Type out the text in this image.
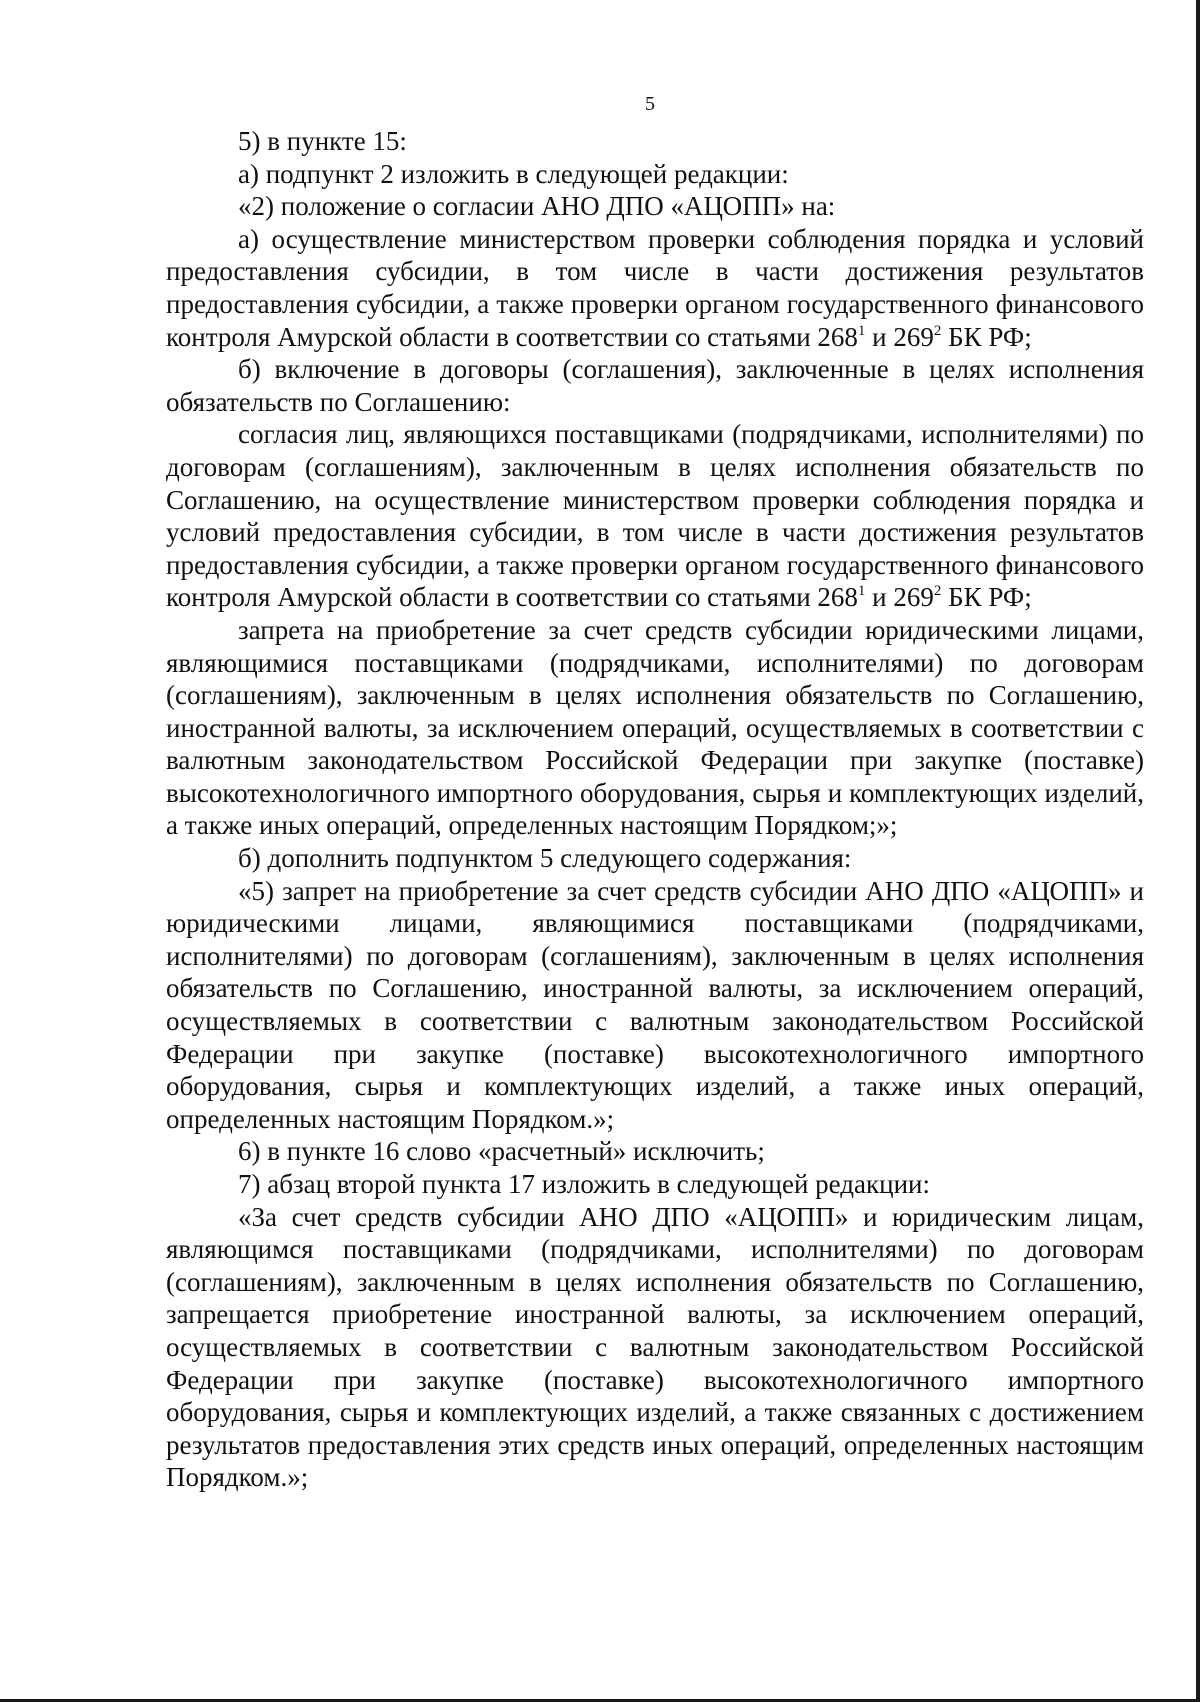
5

5) в пункте 15:

а) подпункт 2 изложить в следующей редакции:

«2) положение о согласии АНО ДПО «АЦОПП» на:

а) осуществление министерством проверки соблюдения порядка и условий предоставления субсидии, в том числе в части достижения результатов предоставления субсидии, а также проверки органом государственного финансового контроля Амурской области в соответствии со статьями $268^1$ и $269^2$ БК РФ;

б) включение в договоры (соглашения), заключенные в целях исполнения обязательств по Соглашению:

согласия лиц, являющихся поставщиками (подрядчиками, исполнителями) по договорам (соглашениям), заключенным в целях исполнения обязательств по Соглашению, на осуществление министерством проверки соблюдения порядка и условий предоставления субсидии, в том числе в части достижения результатов предоставления субсидии, а также проверки органом государственного финансового контроля Амурской области в соответствии со статьями $268^1$ и $269^2$ БК РФ;

запрета на приобретение за счет средств субсидии юридическими лицами, являющимися поставщиками (подрядчиками, исполнителями) по договорам (соглашениям), заключенным в целях исполнения обязательств по Соглашению, иностранной валюты, за исключением операций, осуществляемых в соответствии с валютным законодательством Российской Федерации при закупке (поставке) высокотехнологичного импортного оборудования, сырья и комплектующих изделий, а также иных операций, определенных настоящим Порядком;»;

б) дополнить подпунктом 5 следующего содержания:

«5) запрет на приобретение за счет средств субсидии АНО ДПО «АЦОПП» и юридическими лицами, являющимися поставщиками (подрядчиками, исполнителями) по договорам (соглашениям), заключенным в целях исполнения обязательств по Соглашению, иностранной валюты, за исключением операций, осуществляемых в соответствии с валютным законодательством Российской Федерации при закупке (поставке) высокотехнологичного импортного оборудования, сырья и комплектующих изделий, а также иных операций, определенных настоящим Порядком.»;

6) в пункте 16 слово «расчетный» исключить;

7) абзац второй пункта 17 изложить в следующей редакции:

«За счет средств субсидии АНО ДПО «АЦОПП» и юридическим лицам, являющимся поставщиками (подрядчиками, исполнителями) по договорам (соглашениям), заключенным в целях исполнения обязательств по Соглашению, запрещается приобретение иностранной валюты, за исключением операций, осуществляемых в соответствии с валютным законодательством Российской Федерации при закупке (поставке) высокотехнологичного импортного оборудования, сырья и комплектующих изделий, а также связанных с достижением результатов предоставления этих средств иных операций, определенных настоящим Порядком.»;
